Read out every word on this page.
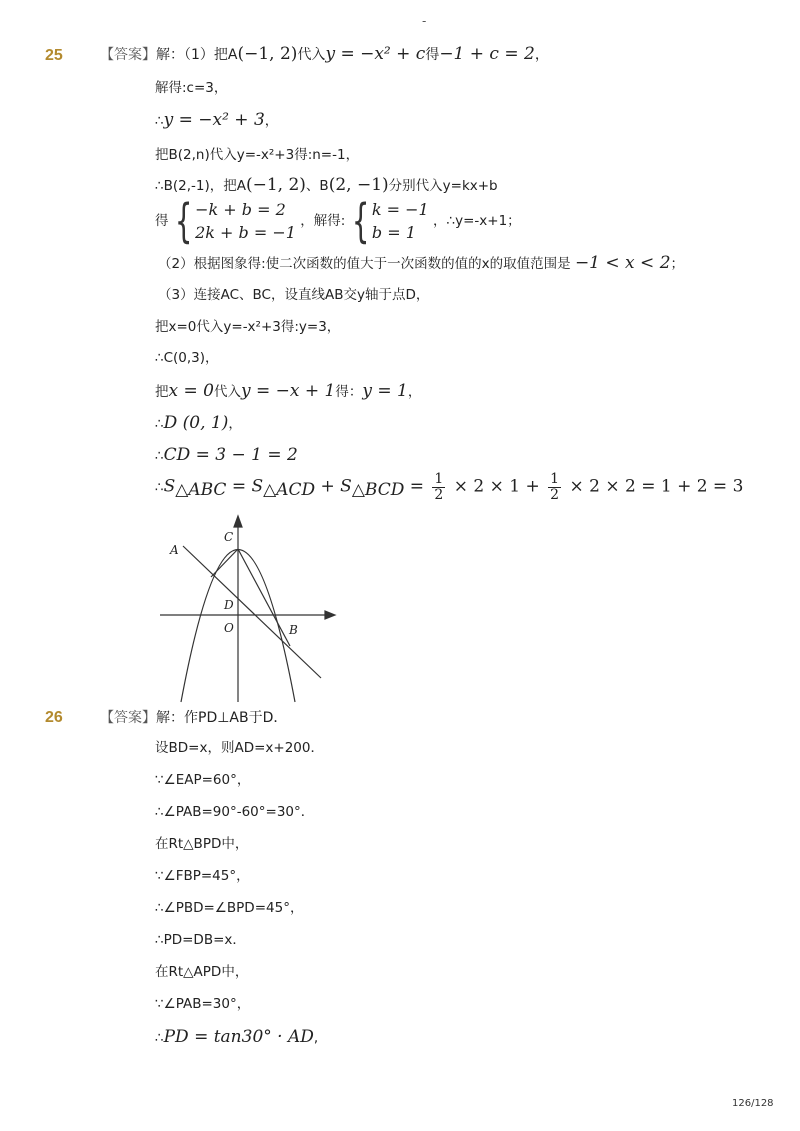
-
25	【答案】解：（1）把A(−1, 2)代入y = −x² + c得−1 + c = 2，
解得:c=3，
∴y = −x² + 3，
把B(2,n)代入y=-x²+3得:n=-1，
∴B(2,-1)，把A(−1, 2)、B(2, −1)分别代入y=kx+b
得 { −k + b = 2
2k + b = −1
，解得: { k = −1
b = 1
，∴y=-x+1；
（2）根据图象得:使二次函数的值大于一次函数的值的x的取值范围是 −1 < x < 2；
（3）连接AC、BC，设直线AB交y轴于点D，
把x=0代入y=-x²+3得:y=3，
∴C(0,3)，
把x = 0代入y = −x + 1得：y = 1，
∴D (0, 1)，
∴CD = 3 − 1 = 2
$\therefore S_{\triangle ABC} = S_{\triangle ACD} + S_{\triangle BCD} = \frac{1}{2} \times 2 \times 1 + \frac{1}{2} \times 2 \times 2 = 1 + 2 = 3$
A
C
D
O	B
26	【答案】解：作PD⊥AB于D．
设BD=x，则AD=x+200．
∵∠EAP=60°，
∴∠PAB=90°-60°=30°．
在Rt△BPD中，
∵∠FBP=45°，
∴∠PBD=∠BPD=45°，
∴PD=DB=x．
在Rt△APD中，
∵∠PAB=30°，
∴PD = tan30° · AD,
126/128
